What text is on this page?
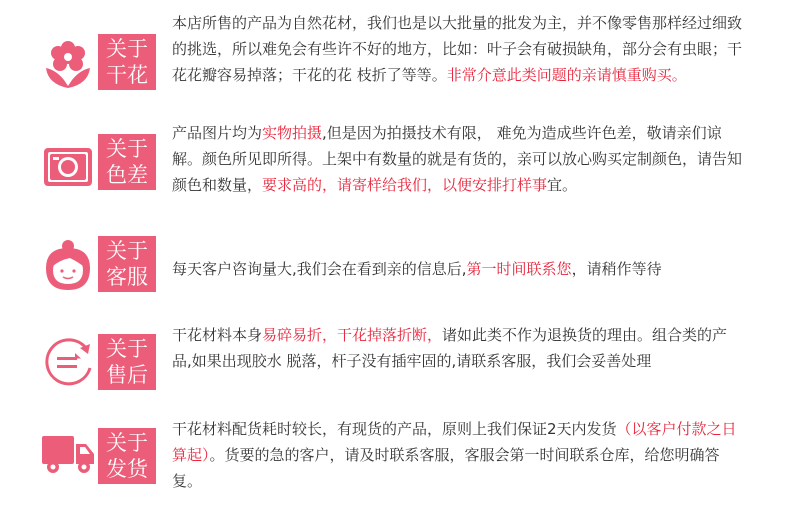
关于
干花
本店所售的产品为自然花材，我们也是以大批量的批发为主，并不像零售那样经过细致的挑选，所以难免会有些许不好的地方，比如：叶子会有破损缺角，部分会有虫眼；干花花瓣容易掉落；干花的花 枝折了等等。非常介意此类问题的亲请慎重购买。
关于
色差
产品图片均为实物拍摄,但是因为拍摄技术有限， 难免为造成些许色差，敬请亲们谅解。颜色所见即所得。上架中有数量的就是有货的，亲可以放心购买定制颜色，请告知颜色和数量，要求高的，请寄样给我们，以便安排打样事宜。
关于
客服	每天客户咨询量大,我们会在看到亲的信息后,第一时间联系您，请稍作等待
关于
售后
干花材料本身易碎易折，干花掉落折断，诸如此类不作为退换货的理由。组合类的产品,如果出现胶水 脱落，杆子没有插牢固的,请联系客服，我们会妥善处理
关于
发货
干花材料配货耗时较长，有现货的产品，原则上我们保证2天内发货（以客户付款之日算起）。货要的急的客户，请及时联系客服，客服会第一时间联系仓库，给您明确答复。
